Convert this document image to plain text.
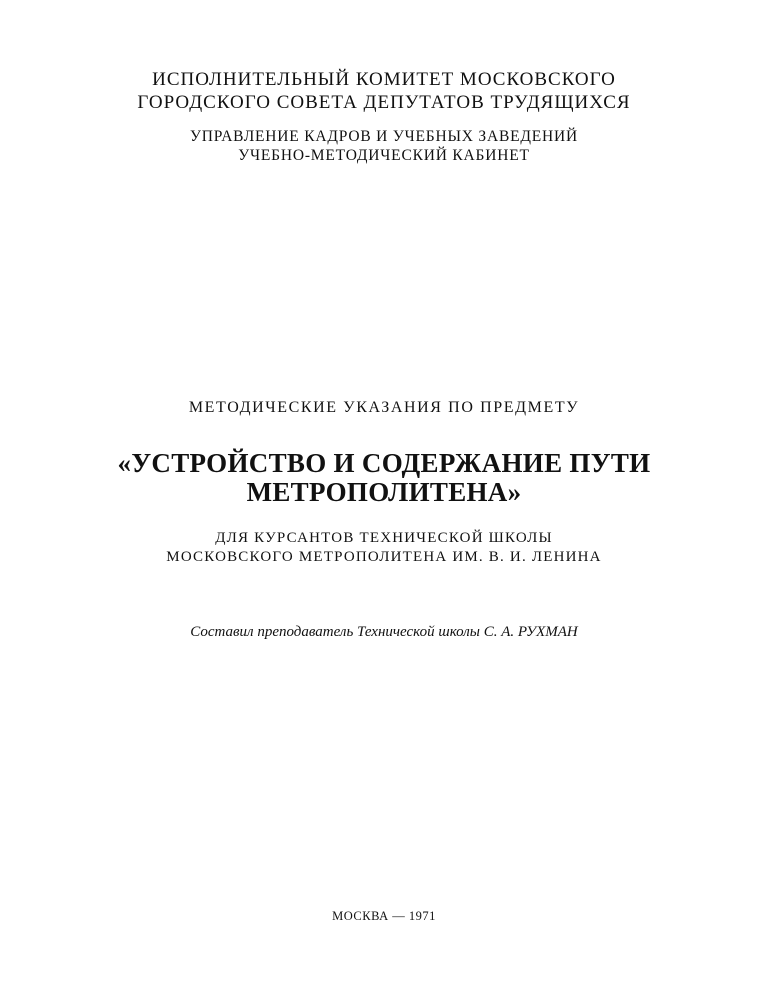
ИСПОЛНИТЕЛЬНЫЙ КОМИТЕТ МОСКОВСКОГО
ГОРОДСКОГО СОВЕТА ДЕПУТАТОВ ТРУДЯЩИХСЯ
УПРАВЛЕНИЕ КАДРОВ И УЧЕБНЫХ ЗАВЕДЕНИЙ
УЧЕБНО-МЕТОДИЧЕСКИЙ КАБИНЕТ
МЕТОДИЧЕСКИЕ УКАЗАНИЯ ПО ПРЕДМЕТУ
«УСТРОЙСТВО И СОДЕРЖАНИЕ ПУТИ
МЕТРОПОЛИТЕНА»
ДЛЯ КУРСАНТОВ ТЕХНИЧЕСКОЙ ШКОЛЫ
МОСКОВСКОГО МЕТРОПОЛИТЕНА ИМ. В. И. ЛЕНИНА
Составил преподаватель Технической школы С. А. РУХМАН
МОСКВА — 1971
